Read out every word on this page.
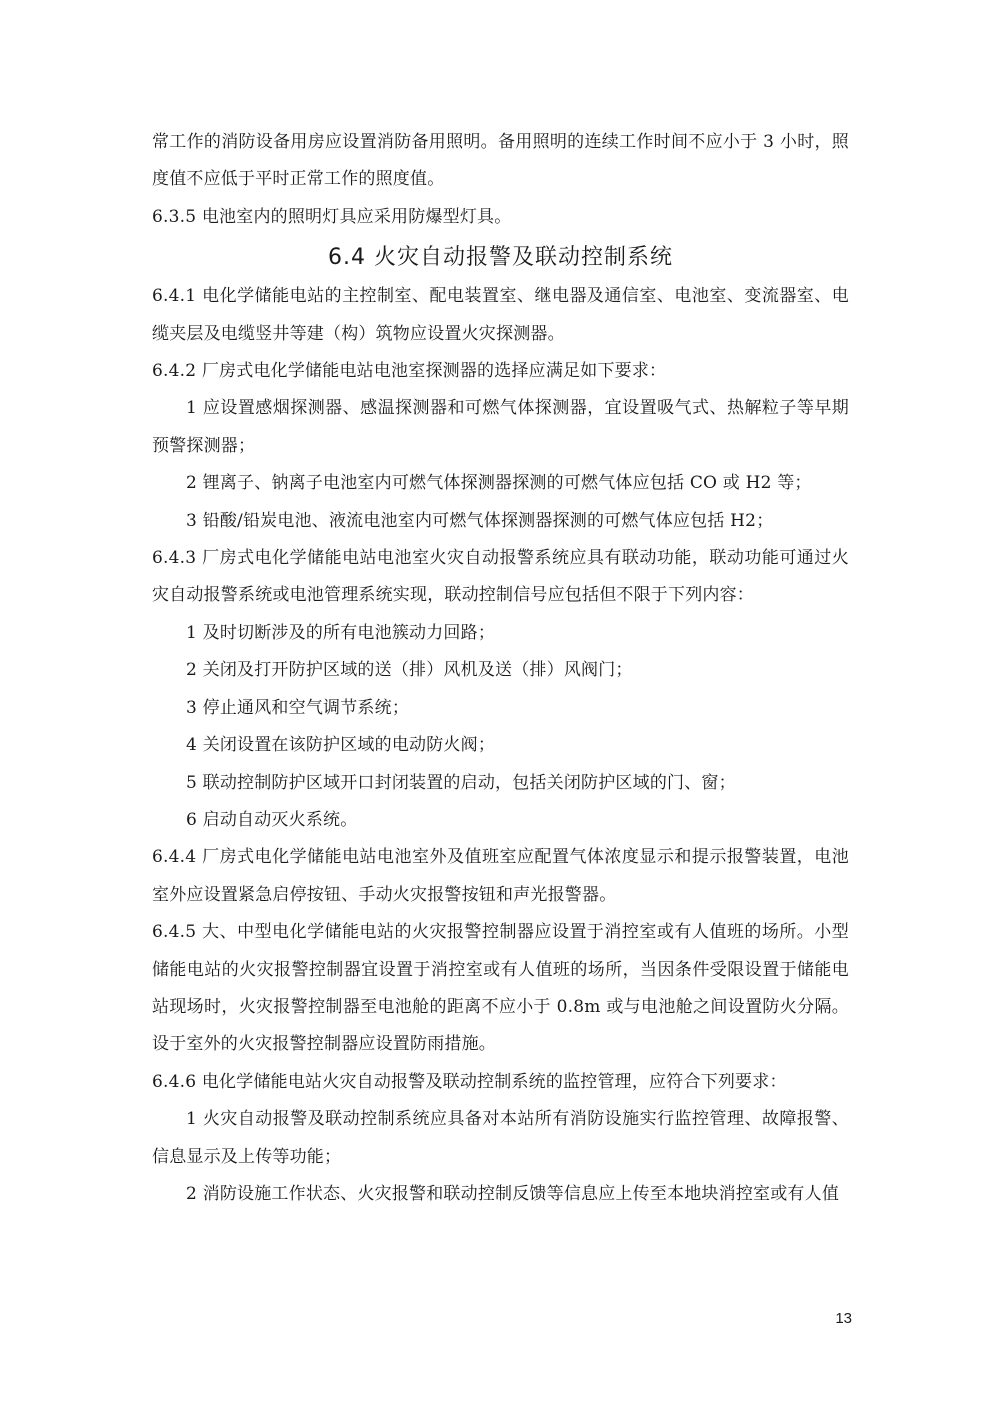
常工作的消防设备用房应设置消防备用照明。备用照明的连续工作时间不应小于 3 小时，照度值不应低于平时正常工作的照度值。

6.3.5 电池室内的照明灯具应采用防爆型灯具。

6.4 火灾自动报警及联动控制系统

6.4.1 电化学储能电站的主控制室、配电装置室、继电器及通信室、电池室、变流器室、电缆夹层及电缆竖井等建（构）筑物应设置火灾探测器。

6.4.2 厂房式电化学储能电站电池室探测器的选择应满足如下要求：

1 应设置感烟探测器、感温探测器和可燃气体探测器，宜设置吸气式、热解粒子等早期预警探测器；

2 锂离子、钠离子电池室内可燃气体探测器探测的可燃气体应包括 CO 或 H2 等；

3 铅酸/铅炭电池、液流电池室内可燃气体探测器探测的可燃气体应包括 H2；

6.4.3 厂房式电化学储能电站电池室火灾自动报警系统应具有联动功能，联动功能可通过火灾自动报警系统或电池管理系统实现，联动控制信号应包括但不限于下列内容：

1 及时切断涉及的所有电池簇动力回路；

2 关闭及打开防护区域的送（排）风机及送（排）风阀门；

3 停止通风和空气调节系统；

4 关闭设置在该防护区域的电动防火阀；

5 联动控制防护区域开口封闭装置的启动，包括关闭防护区域的门、窗；

6 启动自动灭火系统。

6.4.4 厂房式电化学储能电站电池室外及值班室应配置气体浓度显示和提示报警装置，电池室外应设置紧急启停按钮、手动火灾报警按钮和声光报警器。

6.4.5 大、中型电化学储能电站的火灾报警控制器应设置于消控室或有人值班的场所。小型储能电站的火灾报警控制器宜设置于消控室或有人值班的场所，当因条件受限设置于储能电站现场时，火灾报警控制器至电池舱的距离不应小于 0.8m 或与电池舱之间设置防火分隔。设于室外的火灾报警控制器应设置防雨措施。

6.4.6 电化学储能电站火灾自动报警及联动控制系统的监控管理，应符合下列要求：

1 火灾自动报警及联动控制系统应具备对本站所有消防设施实行监控管理、故障报警、信息显示及上传等功能；

2 消防设施工作状态、火灾报警和联动控制反馈等信息应上传至本地块消控室或有人值

13
